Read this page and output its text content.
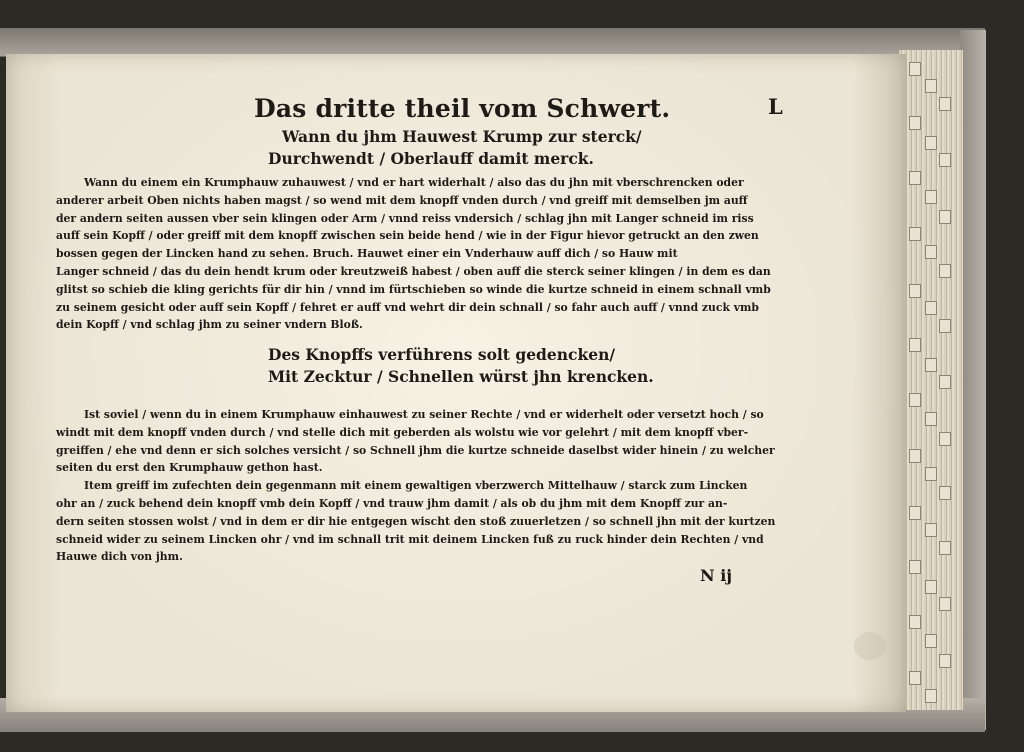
Das dritte theil vom Schwert.	L
Wann du jhm Hauwest Krump zur sterck/
Durchwendt / Oberlauff damit merck.
Wann du einem ein Krumphauw zuhauwest / vnd er hart widerhalt / also das du jhn mit vberschrencken oder
anderer arbeit Oben nichts haben magst / so wend mit dem knopff vnden durch / vnd greiff mit demselben jm auff
der andern seiten aussen vber sein klingen oder Arm / vnnd reiss vndersich / schlag jhn mit Langer schneid im riss
auff sein Kopff / oder greiff mit dem knopff zwischen sein beide hend / wie in der Figur hievor getruckt an den zwen
bossen gegen der Lincken hand zu sehen. Bruch. Hauwet einer ein Vnderhauw auff dich / so Hauw mit
Langer schneid / das du dein hendt krum oder kreutzweiß habest / oben auff die sterck seiner klingen / in dem es dan
glitst so schieb die kling gerichts für dir hin / vnnd im fürtschieben so winde die kurtze schneid in einem schnall vmb
zu seinem gesicht oder auff sein Kopff / fehret er auff vnd wehrt dir dein schnall / so fahr auch auff / vnnd zuck vmb
dein Kopff / vnd schlag jhm zu seiner vndern Bloß.
Des Knopffs verführens solt gedencken/
Mit Zecktur / Schnellen würst jhn krencken.
Ist soviel / wenn du in einem Krumphauw einhauwest zu seiner Rechte / vnd er widerhelt oder versetzt hoch / so
windt mit dem knopff vnden durch / vnd stelle dich mit geberden als wolstu wie vor gelehrt / mit dem knopff vber-
greiffen / ehe vnd denn er sich solches versicht / so Schnell jhm die kurtze schneide daselbst wider hinein / zu welcher
seiten du erst den Krumphauw gethon hast.
Item greiff im zufechten dein gegenmann mit einem gewaltigen vberzwerch Mittelhauw / starck zum Lincken
ohr an / zuck behend dein knopff vmb dein Kopff / vnd trauw jhm damit / als ob du jhm mit dem Knopff zur an-
dern seiten stossen wolst / vnd in dem er dir hie entgegen wischt den stoß zuuerletzen / so schnell jhn mit der kurtzen
schneid wider zu seinem Lincken ohr / vnd im schnall trit mit deinem Lincken fuß zu ruck hinder dein Rechten / vnd
Hauwe dich von jhm.
N ij
